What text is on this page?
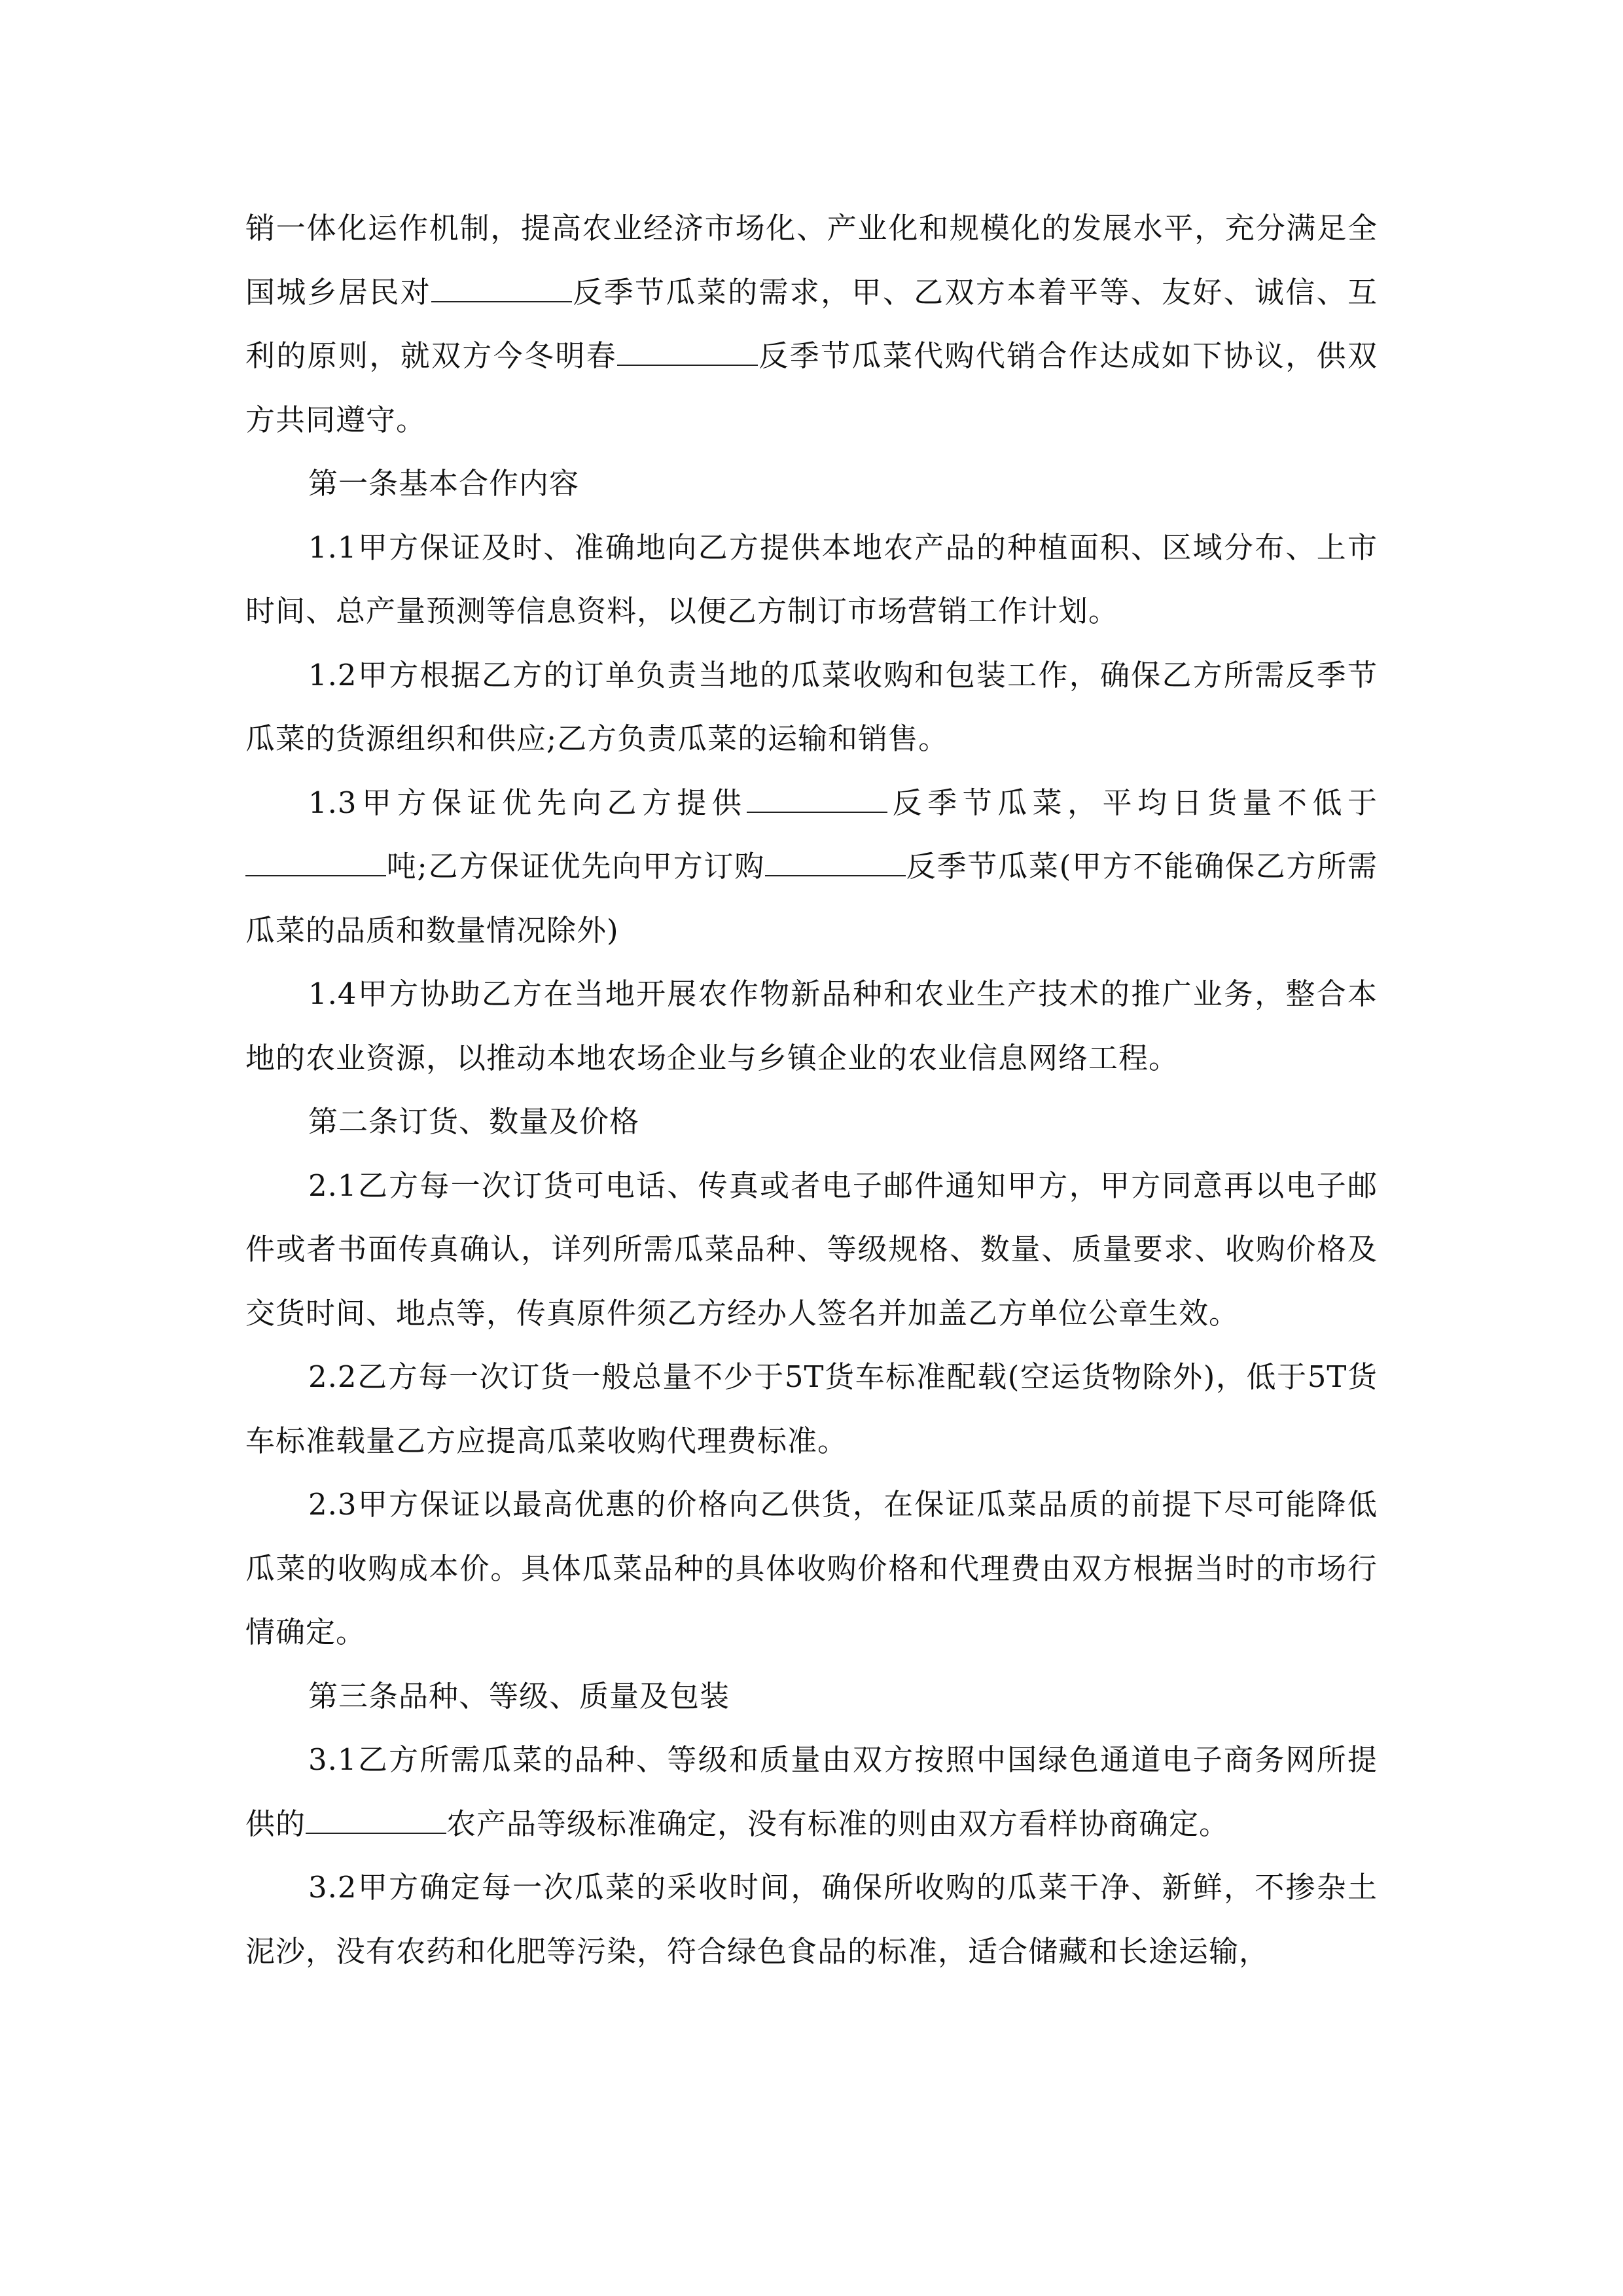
销一体化运作机制，提高农业经济市场化、产业化和规模化的发展水平，充分满足全国城乡居民对	反季节瓜菜的需求，甲、乙双方本着平等、友好、诚信、互利的原则，就双方今冬明春	反季节瓜菜代购代销合作达成如下协议，供双方共同遵守。

第一条基本合作内容

1.1甲方保证及时、准确地向乙方提供本地农产品的种植面积、区域分布、上市时间、总产量预测等信息资料，以便乙方制订市场营销工作计划。

1.2甲方根据乙方的订单负责当地的瓜菜收购和包装工作，确保乙方所需反季节瓜菜的货源组织和供应;乙方负责瓜菜的运输和销售。

1.3甲方保证优先向乙方提供	反季节瓜菜，平均日货量不低于吨;乙方保证优先向甲方订购	反季节瓜菜(甲方不能确保乙方所需瓜菜的品质和数量情况除外)

1.4甲方协助乙方在当地开展农作物新品种和农业生产技术的推广业务，整合本地的农业资源，以推动本地农场企业与乡镇企业的农业信息网络工程。

第二条订货、数量及价格

2.1乙方每一次订货可电话、传真或者电子邮件通知甲方，甲方同意再以电子邮件或者书面传真确认，详列所需瓜菜品种、等级规格、数量、质量要求、收购价格及交货时间、地点等，传真原件须乙方经办人签名并加盖乙方单位公章生效。

2.2乙方每一次订货一般总量不少于5T货车标准配载(空运货物除外)，低于5T货车标准载量乙方应提高瓜菜收购代理费标准。

2.3甲方保证以最高优惠的价格向乙供货，在保证瓜菜品质的前提下尽可能降低瓜菜的收购成本价。具体瓜菜品种的具体收购价格和代理费由双方根据当时的市场行情确定。

第三条品种、等级、质量及包装

3.1乙方所需瓜菜的品种、等级和质量由双方按照中国绿色通道电子商务网所提供的	农产品等级标准确定，没有标准的则由双方看样协商确定。

3.2甲方确定每一次瓜菜的采收时间，确保所收购的瓜菜干净、新鲜，不掺杂土泥沙，没有农药和化肥等污染，符合绿色食品的标准，适合储藏和长途运输，
